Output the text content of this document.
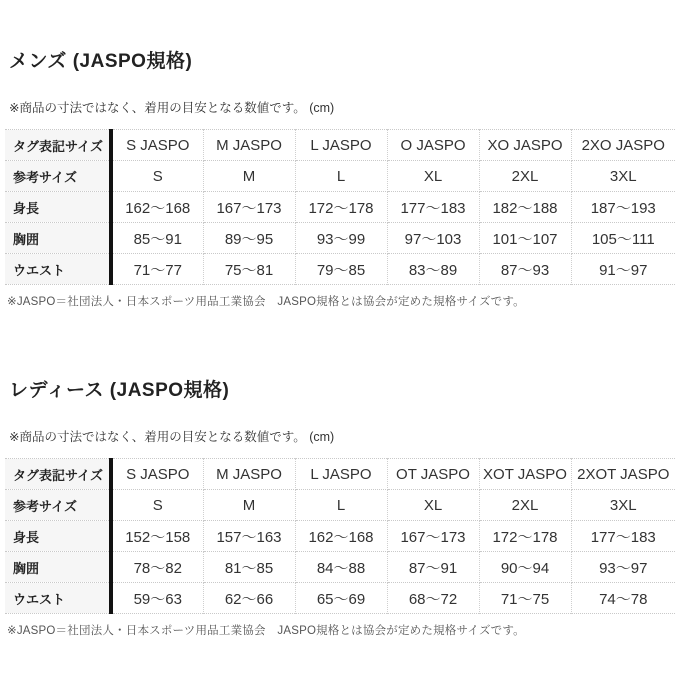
メンズ (JASPO規格)

※商品の寸法ではなく、着用の目安となる数値です。 (cm)

タグ表記サイズ	S JASPO	M JASPO	L JASPO	O JASPO	XO JASPO	2XO JASPO
参考サイズ	S	M	L	XL	2XL	3XL
身長	162〜168	167〜173	172〜178	177〜183	182〜188	187〜193
胸囲	85〜91	89〜95	93〜99	97〜103	101〜107	105〜111
ウエスト	71〜77	75〜81	79〜85	83〜89	87〜93	91〜97

※JASPO＝社団法人・日本スポーツ用品工業協会　JASPO規格とは協会が定めた規格サイズです。

レディース (JASPO規格)

※商品の寸法ではなく、着用の目安となる数値です。 (cm)

タグ表記サイズ	S JASPO	M JASPO	L JASPO	OT JASPO	XOT JASPO	2XOT JASPO
参考サイズ	S	M	L	XL	2XL	3XL
身長	152〜158	157〜163	162〜168	167〜173	172〜178	177〜183
胸囲	78〜82	81〜85	84〜88	87〜91	90〜94	93〜97
ウエスト	59〜63	62〜66	65〜69	68〜72	71〜75	74〜78

※JASPO＝社団法人・日本スポーツ用品工業協会　JASPO規格とは協会が定めた規格サイズです。
